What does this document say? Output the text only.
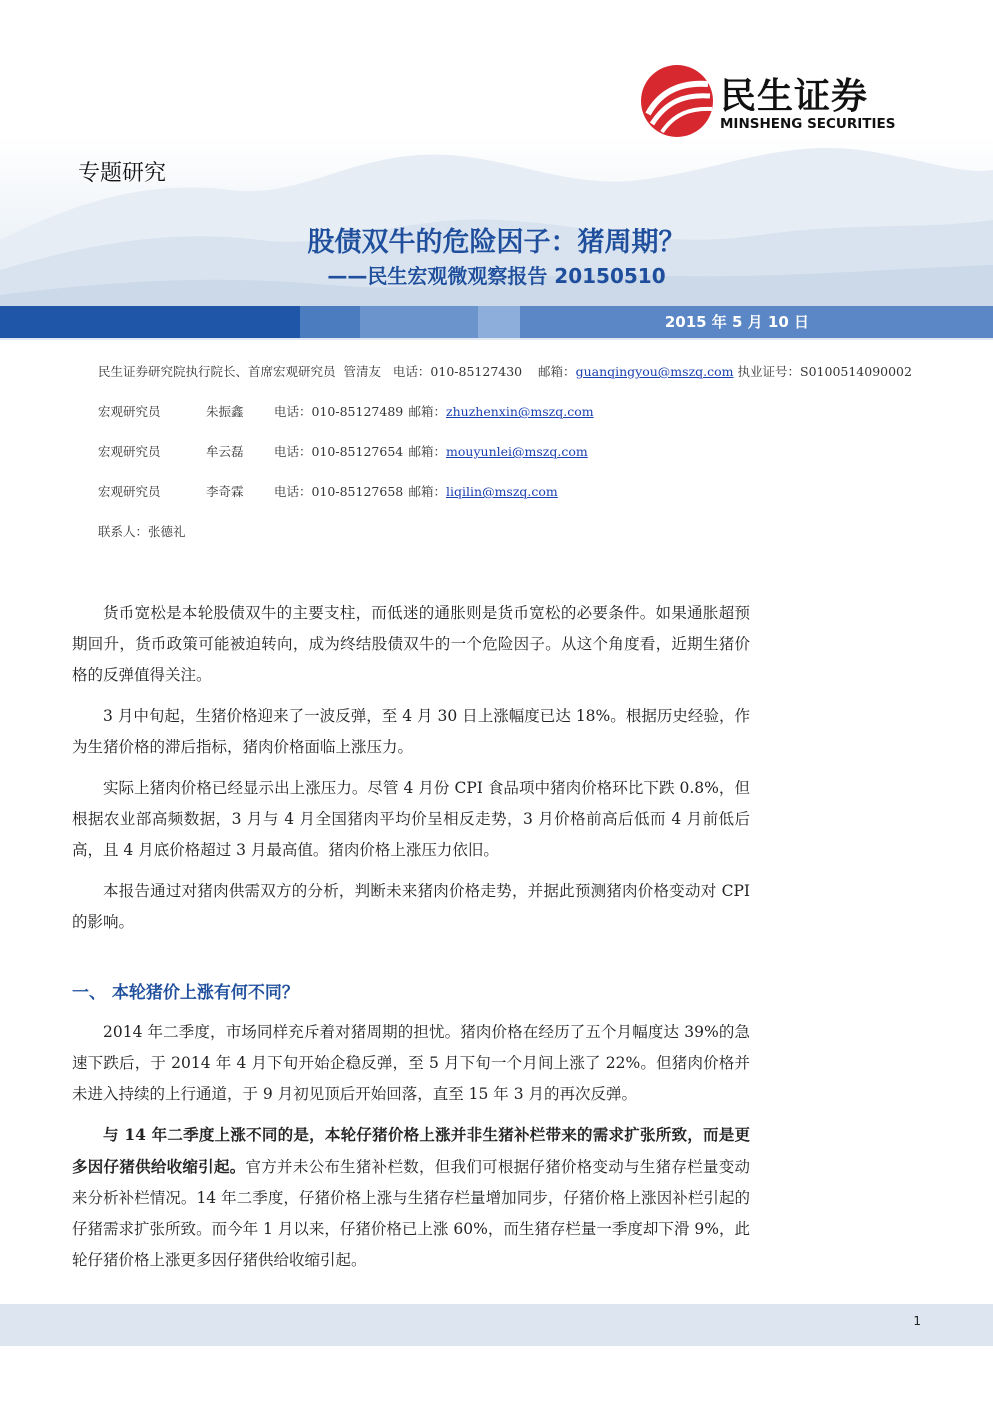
民生证券
MINSHENG SECURITIES
专题研究
股债双牛的危险因子：猪周期？
——民生宏观微观察报告 20150510
2015 年 5 月 10 日
民生证券研究院执行院长、首席宏观研究员 管清友 电话：010-85127430 邮箱：guanqingyou@mszq.com 执业证号：S0100514090002
宏观研究员	朱振鑫 电话：010-85127489 邮箱：zhuzhenxin@mszq.com
宏观研究员	牟云磊 电话：010-85127654 邮箱：mouyunlei@mszq.com
宏观研究员	李奇霖 电话：010-85127658 邮箱：liqilin@mszq.com
联系人：张德礼

货币宽松是本轮股债双牛的主要支柱，而低迷的通胀则是货币宽松的必要条件。如果通胀超预期回升，货币政策可能被迫转向，成为终结股债双牛的一个危险因子。从这个角度看，近期生猪价格的反弹值得关注。

3 月中旬起，生猪价格迎来了一波反弹，至 4 月 30 日上涨幅度已达 18%。根据历史经验，作为生猪价格的滞后指标，猪肉价格面临上涨压力。

实际上猪肉价格已经显示出上涨压力。尽管 4 月份 CPI 食品项中猪肉价格环比下跌 0.8%，但根据农业部高频数据，3 月与 4 月全国猪肉平均价呈相反走势，3 月价格前高后低而 4 月前低后高，且 4 月底价格超过 3 月最高值。猪肉价格上涨压力依旧。

本报告通过对猪肉供需双方的分析，判断未来猪肉价格走势，并据此预测猪肉价格变动对 CPI 的影响。

一、 本轮猪价上涨有何不同？

2014 年二季度，市场同样充斥着对猪周期的担忧。猪肉价格在经历了五个月幅度达 39%的急速下跌后，于 2014 年 4 月下旬开始企稳反弹，至 5 月下旬一个月间上涨了 22%。但猪肉价格并未进入持续的上行通道，于 9 月初见顶后开始回落，直至 15 年 3 月的再次反弹。

与 14 年二季度上涨不同的是，本轮仔猪价格上涨并非生猪补栏带来的需求扩张所致，而是更多因仔猪供给收缩引起。官方并未公布生猪补栏数，但我们可根据仔猪价格变动与生猪存栏量变动来分析补栏情况。14 年二季度，仔猪价格上涨与生猪存栏量增加同步，仔猪价格上涨因补栏引起的仔猪需求扩张所致。而今年 1 月以来，仔猪价格已上涨 60%，而生猪存栏量一季度却下滑 9%，此轮仔猪价格上涨更多因仔猪供给收缩引起。

1
